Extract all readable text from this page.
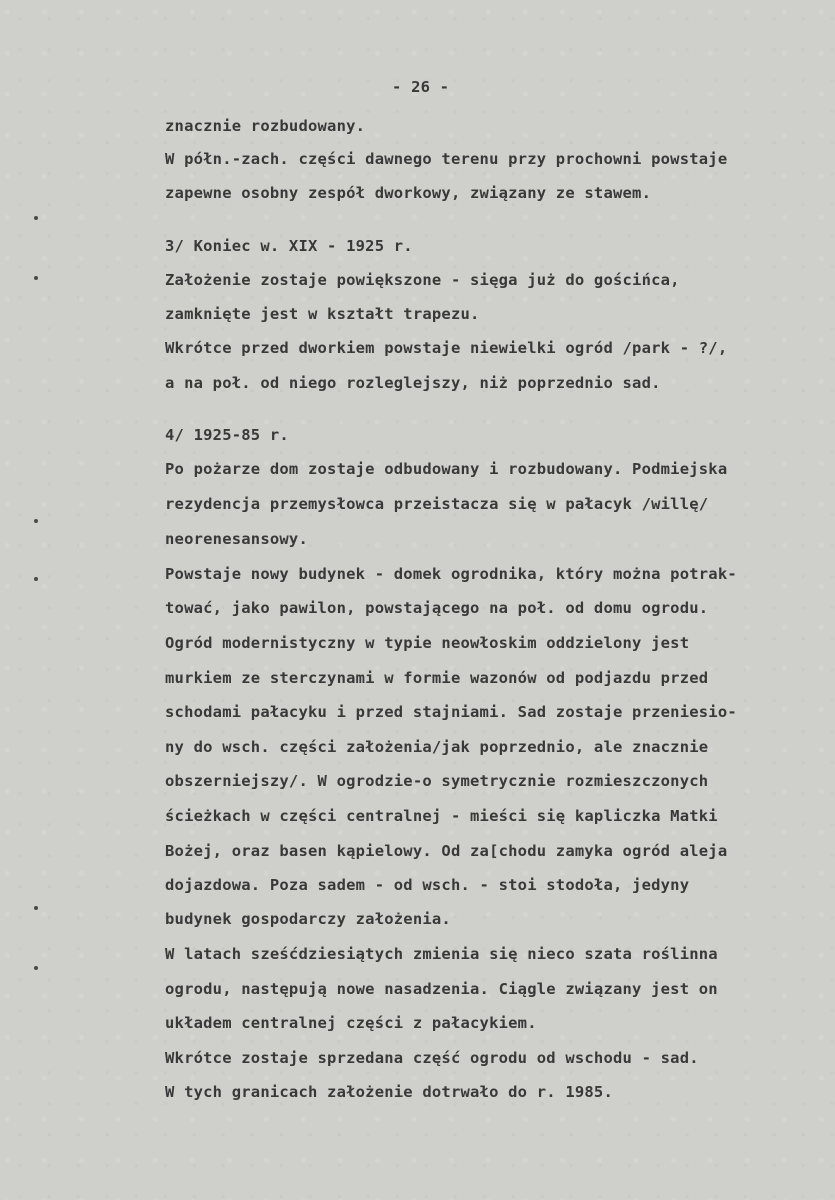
- 26 -
znacznie rozbudowany.
W półn.-zach. części dawnego terenu przy prochowni powstaje
zapewne osobny zespół dworkowy, związany ze stawem.
3/ Koniec w. XIX - 1925 r.
Założenie zostaje powiększone - sięga już do gościńca,
zamknięte jest w kształt trapezu.
Wkrótce przed dworkiem powstaje niewielki ogród /park - ?/,
a na poł. od niego rozleglejszy, niż poprzednio sad.
4/ 1925-85 r.
Po pożarze dom zostaje odbudowany i rozbudowany. Podmiejska
rezydencja przemysłowca przeistacza się w pałacyk /willę/
neorenesansowy.
Powstaje nowy budynek - domek ogrodnika, który można potrak-
tować, jako pawilon, powstającego na poł. od domu ogrodu.
Ogród modernistyczny w typie neowłoskim oddzielony jest
murkiem ze sterczynami w formie wazonów od podjazdu przed
schodami pałacyku i przed stajniami. Sad zostaje przeniesio-
ny do wsch. części założenia/jak poprzednio, ale znacznie
obszerniejszy/. W ogrodzie-o symetrycznie rozmieszczonych
ścieżkach w części centralnej - mieści się kapliczka Matki
Bożej, oraz basen kąpielowy. Od za[chodu zamyka ogród aleja
dojazdowa. Poza sadem - od wsch. - stoi stodoła, jedyny
budynek gospodarczy założenia.
W latach sześćdziesiątych zmienia się nieco szata roślinna
ogrodu, następują nowe nasadzenia. Ciągle związany jest on
układem centralnej części z pałacykiem.
Wkrótce zostaje sprzedana część ogrodu od wschodu - sad.
W tych granicach założenie dotrwało do r. 1985.
